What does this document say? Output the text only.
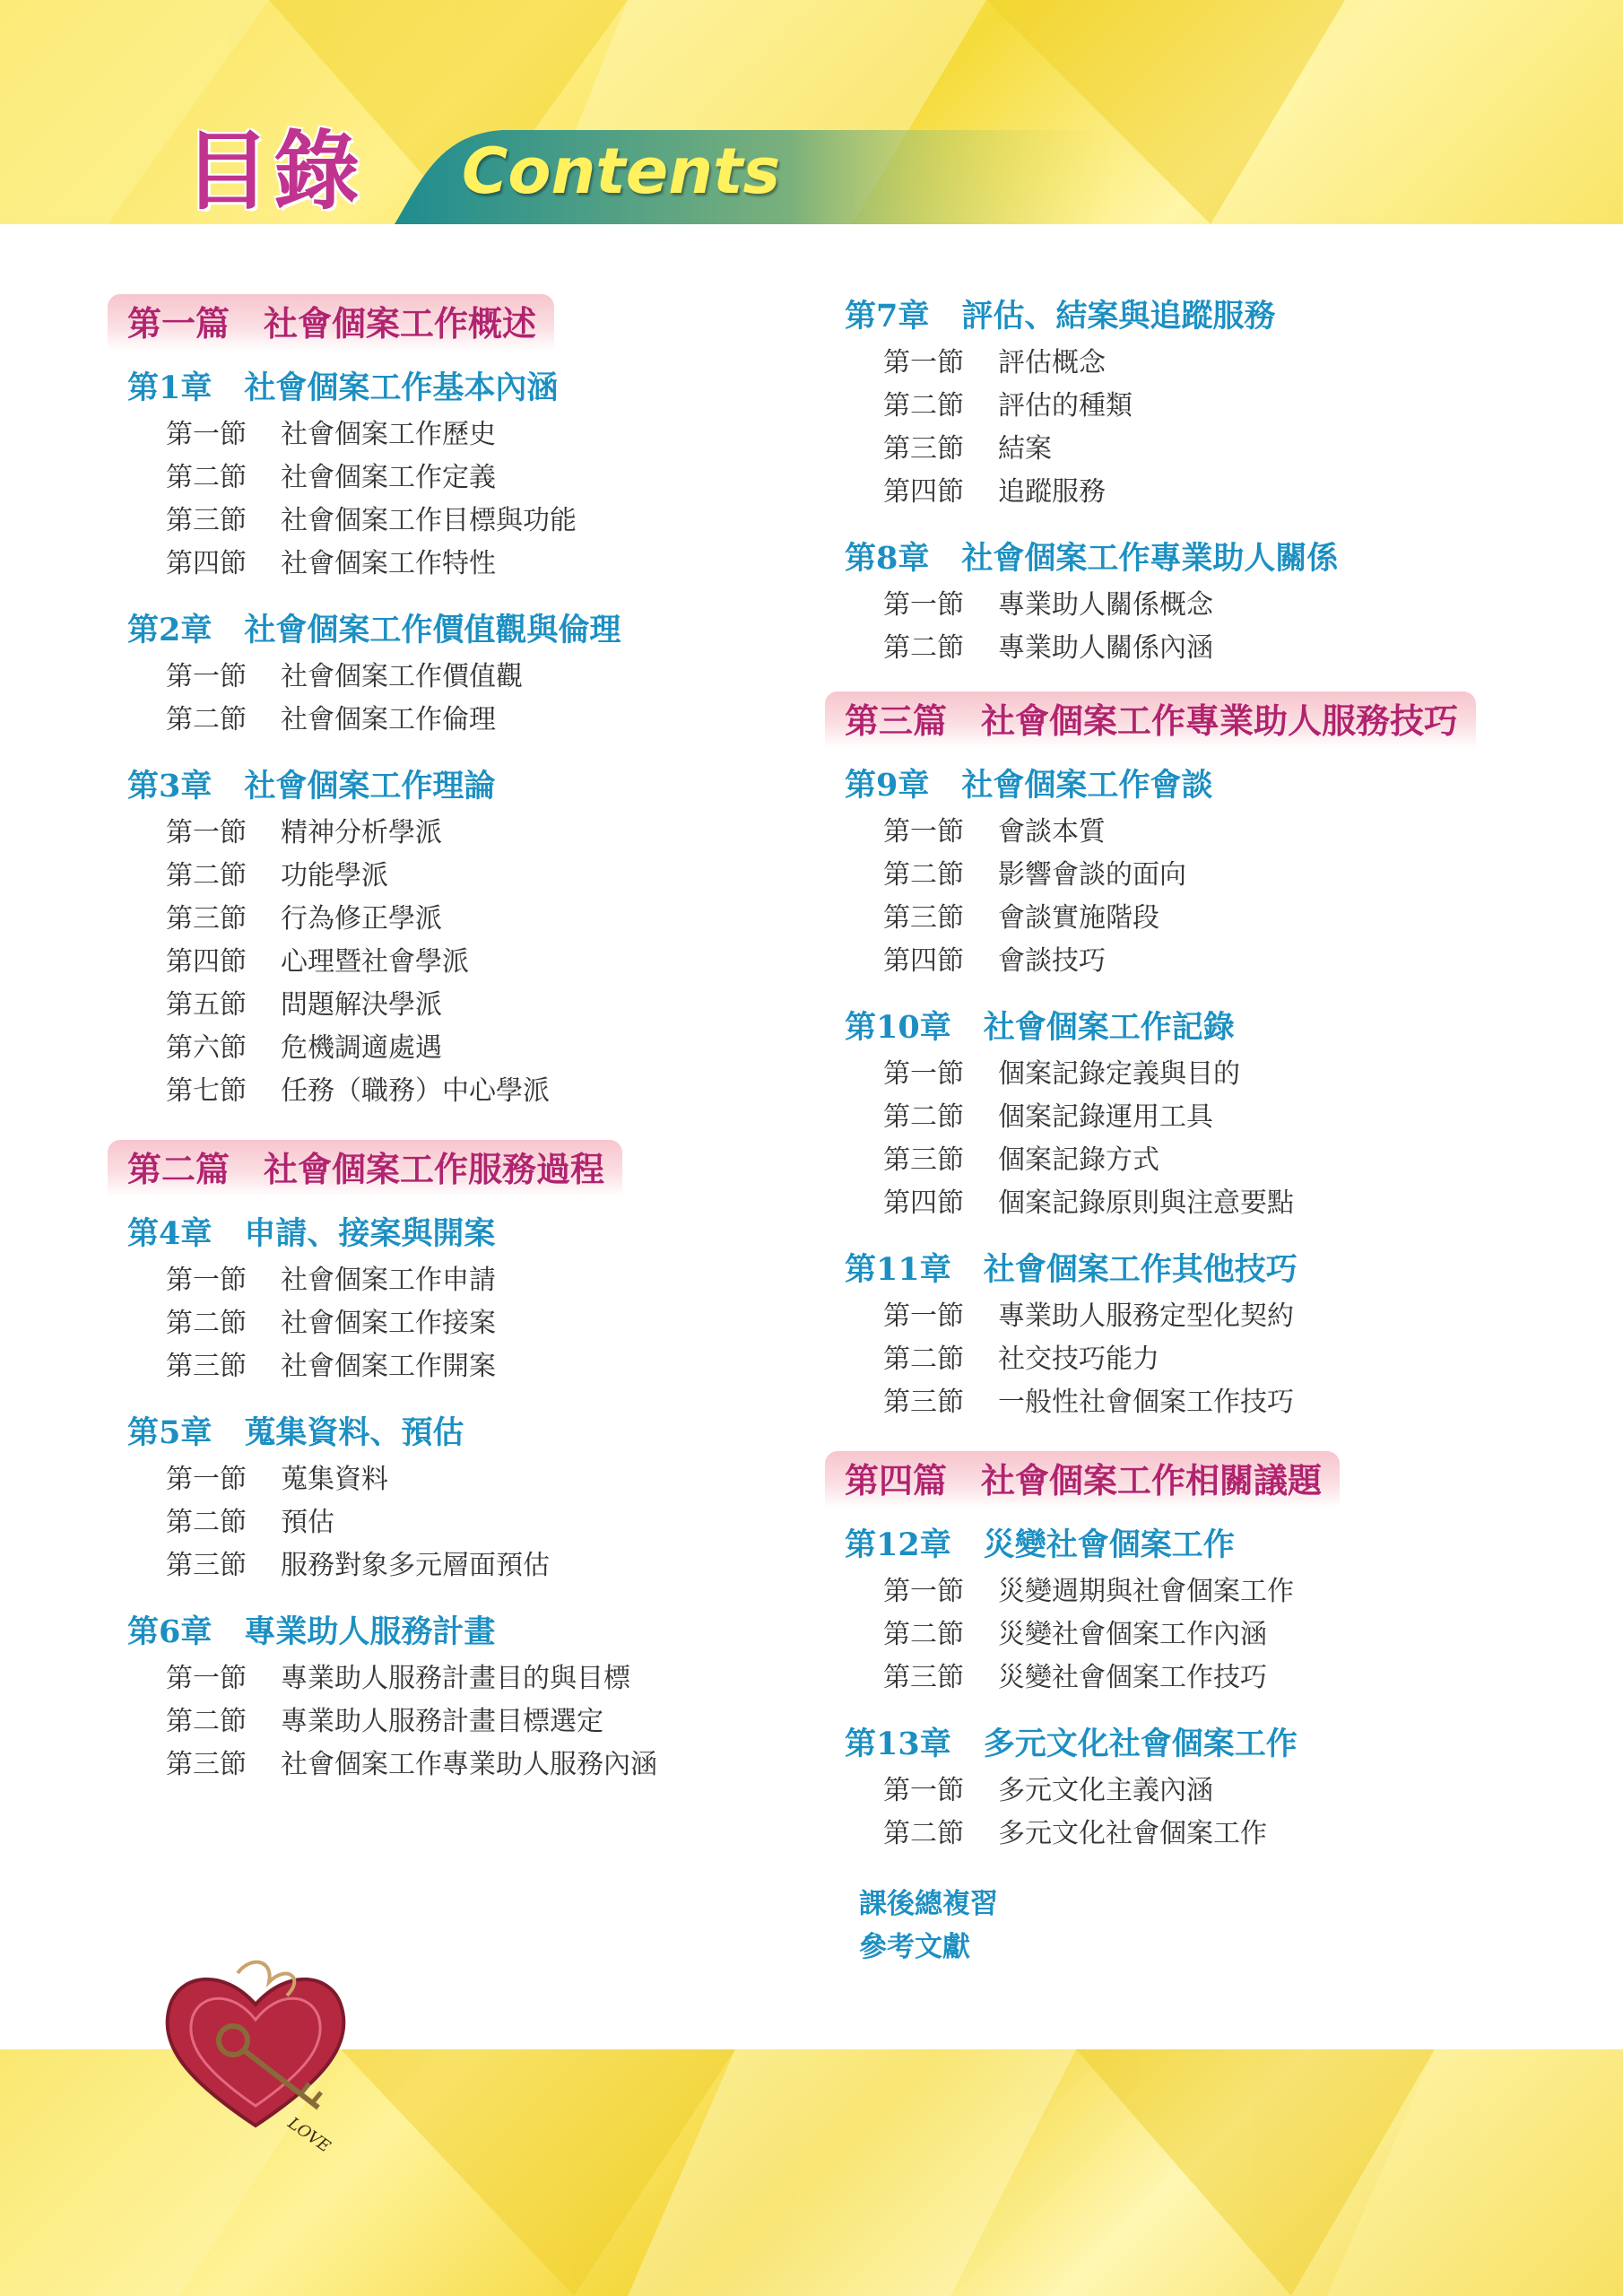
目錄 Contents
第一篇　社會個案工作概述
第1章 社會個案工作基本內涵
第一節 社會個案工作歷史
第二節 社會個案工作定義
第三節 社會個案工作目標與功能
第四節 社會個案工作特性
第2章 社會個案工作價值觀與倫理
第一節 社會個案工作價值觀
第二節 社會個案工作倫理
第3章 社會個案工作理論
第一節 精神分析學派
第二節 功能學派
第三節 行為修正學派
第四節 心理暨社會學派
第五節 問題解決學派
第六節 危機調適處遇
第七節 任務（職務）中心學派
第二篇　社會個案工作服務過程
第4章 申請、接案與開案
第一節 社會個案工作申請
第二節 社會個案工作接案
第三節 社會個案工作開案
第5章 蒐集資料、預估
第一節 蒐集資料
第二節 預估
第三節 服務對象多元層面預估
第6章 專業助人服務計畫
第一節 專業助人服務計畫目的與目標
第二節 專業助人服務計畫目標選定
第三節 社會個案工作專業助人服務內涵
第7章 評估、結案與追蹤服務
第一節 評估概念
第二節 評估的種類
第三節 結案
第四節 追蹤服務
第8章 社會個案工作專業助人關係
第一節 專業助人關係概念
第二節 專業助人關係內涵
第三篇　社會個案工作專業助人服務技巧
第9章 社會個案工作會談
第一節 會談本質
第二節 影響會談的面向
第三節 會談實施階段
第四節 會談技巧
第10章 社會個案工作記錄
第一節 個案記錄定義與目的
第二節 個案記錄運用工具
第三節 個案記錄方式
第四節 個案記錄原則與注意要點
第11章 社會個案工作其他技巧
第一節 專業助人服務定型化契約
第二節 社交技巧能力
第三節 一般性社會個案工作技巧
第四篇　社會個案工作相關議題
第12章 災變社會個案工作
第一節 災變週期與社會個案工作
第二節 災變社會個案工作內涵
第三節 災變社會個案工作技巧
第13章 多元文化社會個案工作
第一節 多元文化主義內涵
第二節 多元文化社會個案工作
課後總複習
參考文獻
LOVE
